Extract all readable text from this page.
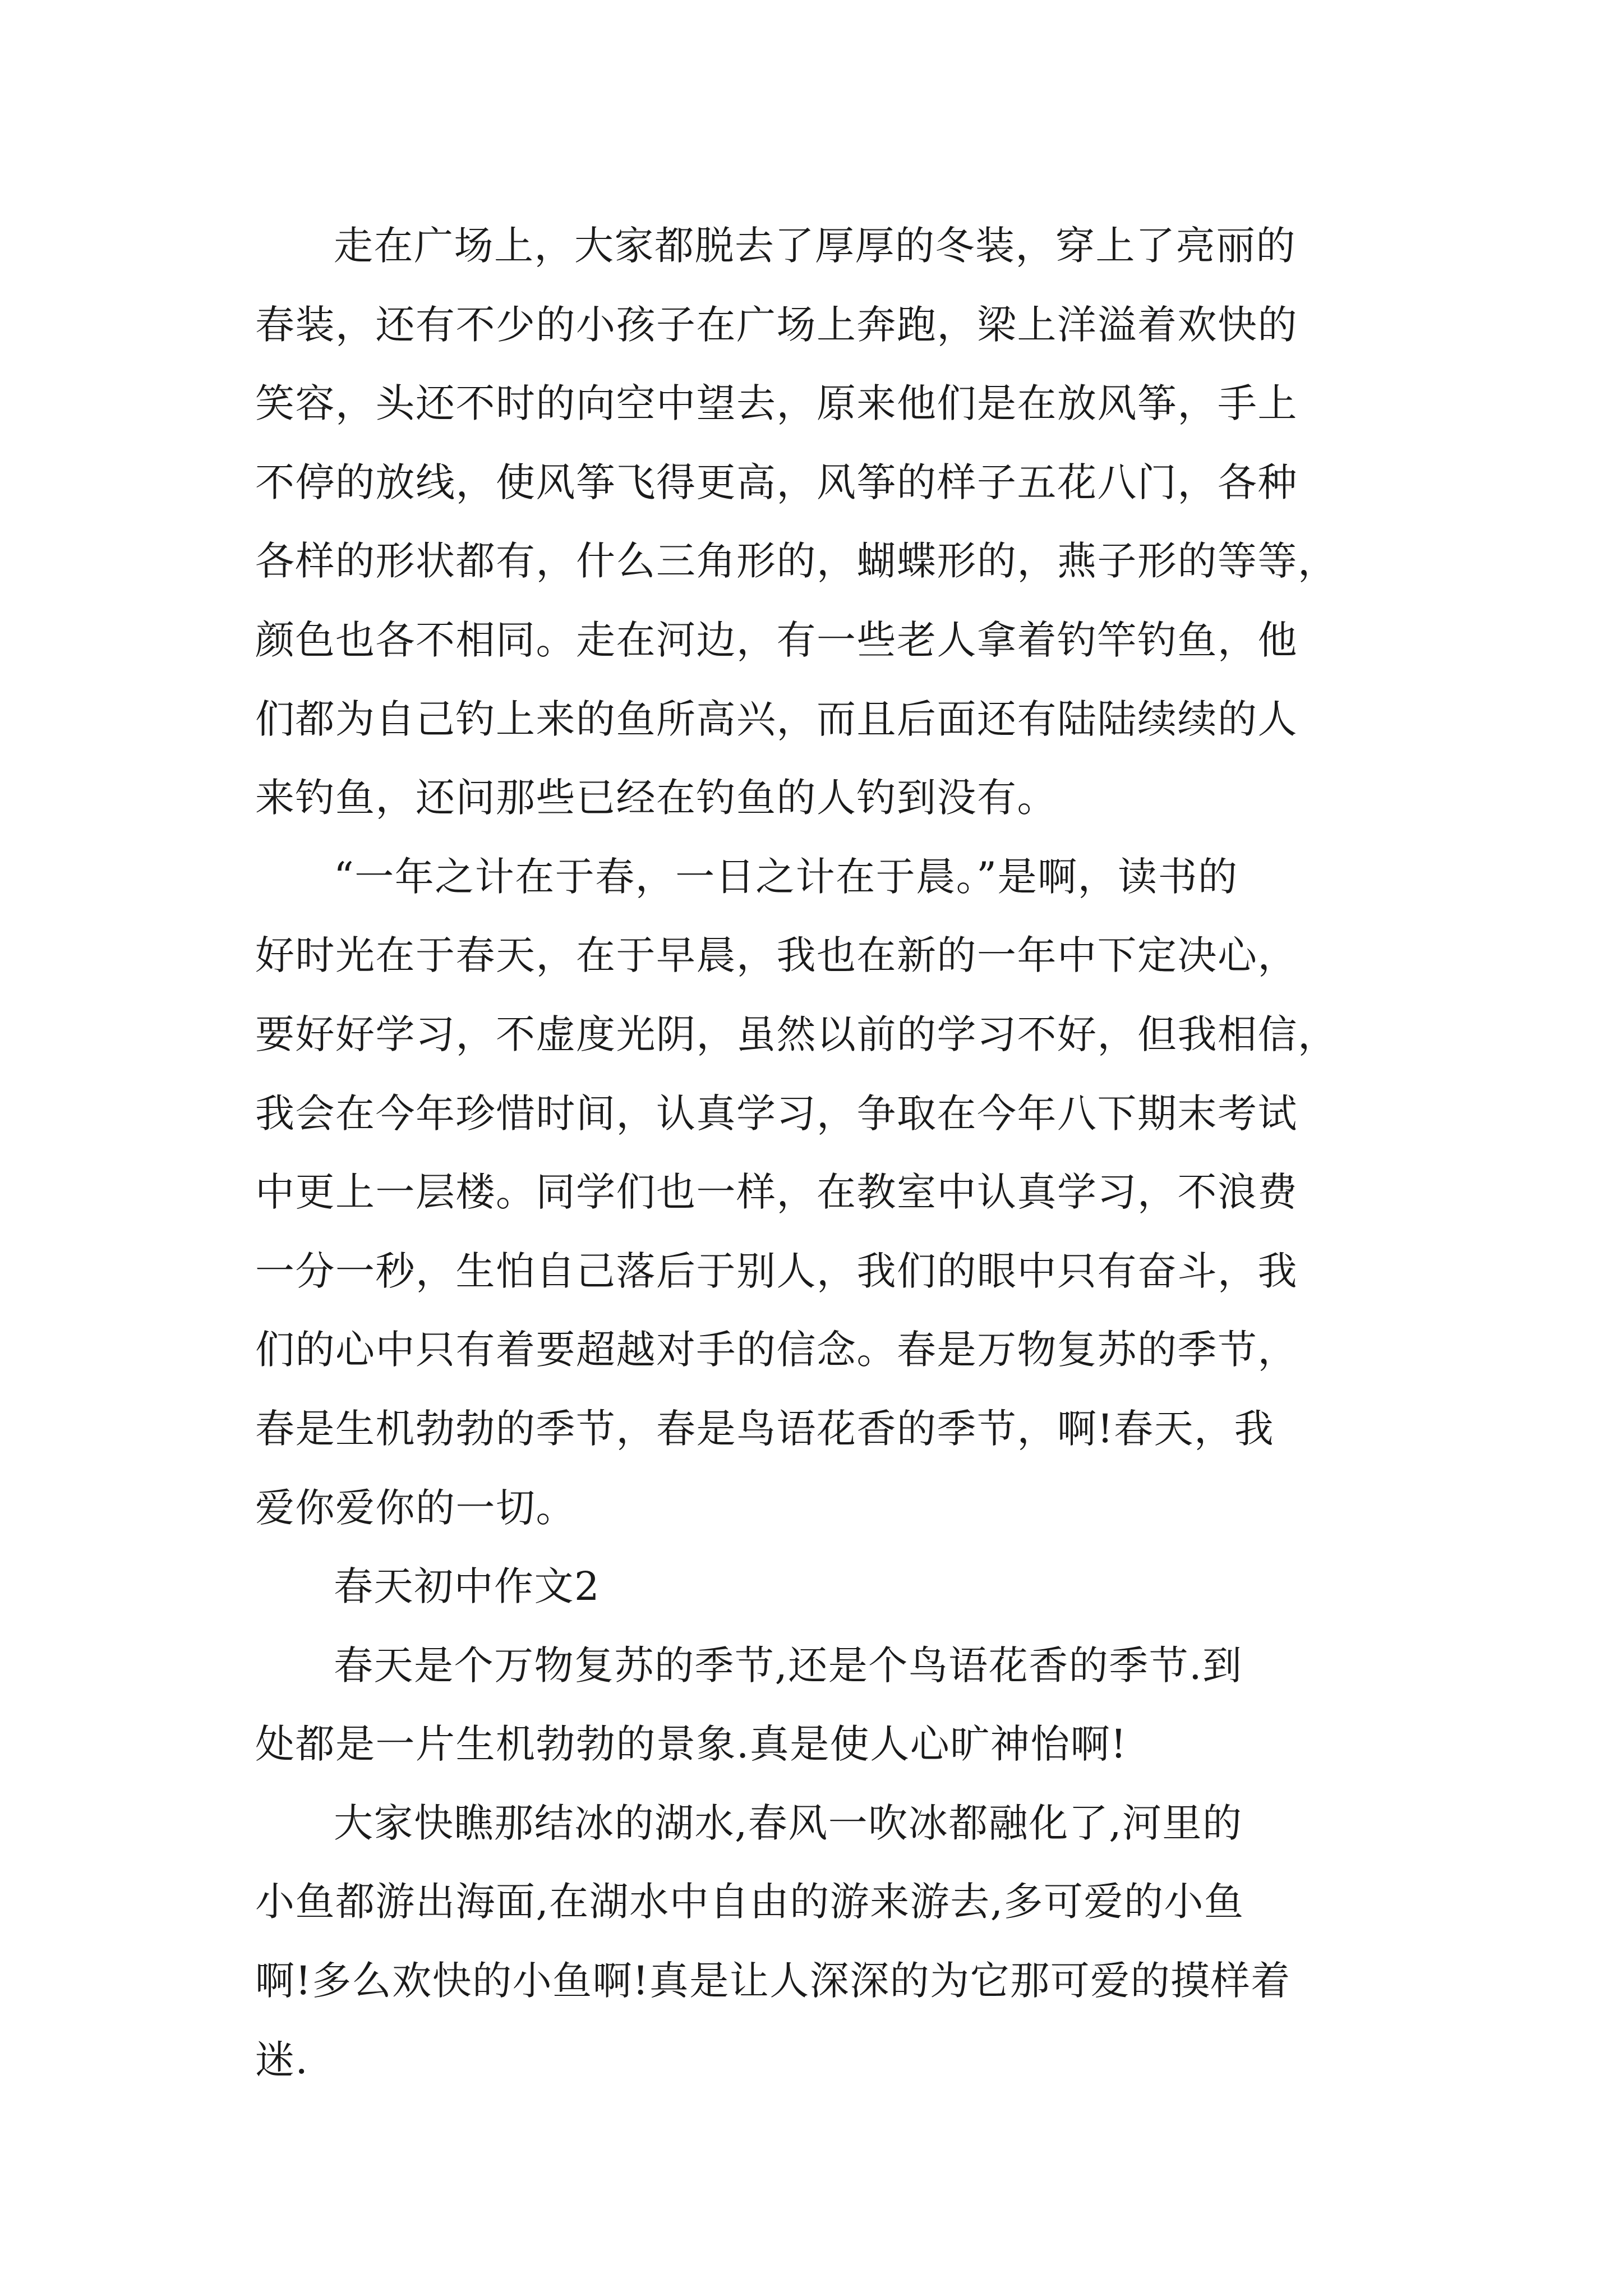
走在广场上，大家都脱去了厚厚的冬装，穿上了亮丽的
春装，还有不少的小孩子在广场上奔跑，梁上洋溢着欢快的
笑容，头还不时的向空中望去，原来他们是在放风筝，手上
不停的放线，使风筝飞得更高，风筝的样子五花八门，各种
各样的形状都有，什么三角形的，蝴蝶形的，燕子形的等等，
颜色也各不相同。走在河边，有一些老人拿着钓竿钓鱼，他
们都为自己钓上来的鱼所高兴，而且后面还有陆陆续续的人
来钓鱼，还问那些已经在钓鱼的人钓到没有。
“一年之计在于春，一日之计在于晨。”是啊，读书的
好时光在于春天，在于早晨，我也在新的一年中下定决心，
要好好学习，不虚度光阴，虽然以前的学习不好，但我相信，
我会在今年珍惜时间，认真学习，争取在今年八下期末考试
中更上一层楼。同学们也一样，在教室中认真学习，不浪费
一分一秒，生怕自己落后于别人，我们的眼中只有奋斗，我
们的心中只有着要超越对手的信念。春是万物复苏的季节，
春是生机勃勃的季节，春是鸟语花香的季节，啊!春天，我
爱你爱你的一切。
春天初中作文2
春天是个万物复苏的季节,还是个鸟语花香的季节.到
处都是一片生机勃勃的景象.真是使人心旷神怡啊!
大家快瞧那结冰的湖水,春风一吹冰都融化了,河里的
小鱼都游出海面,在湖水中自由的游来游去,多可爱的小鱼
啊!多么欢快的小鱼啊!真是让人深深的为它那可爱的摸样着
迷.
